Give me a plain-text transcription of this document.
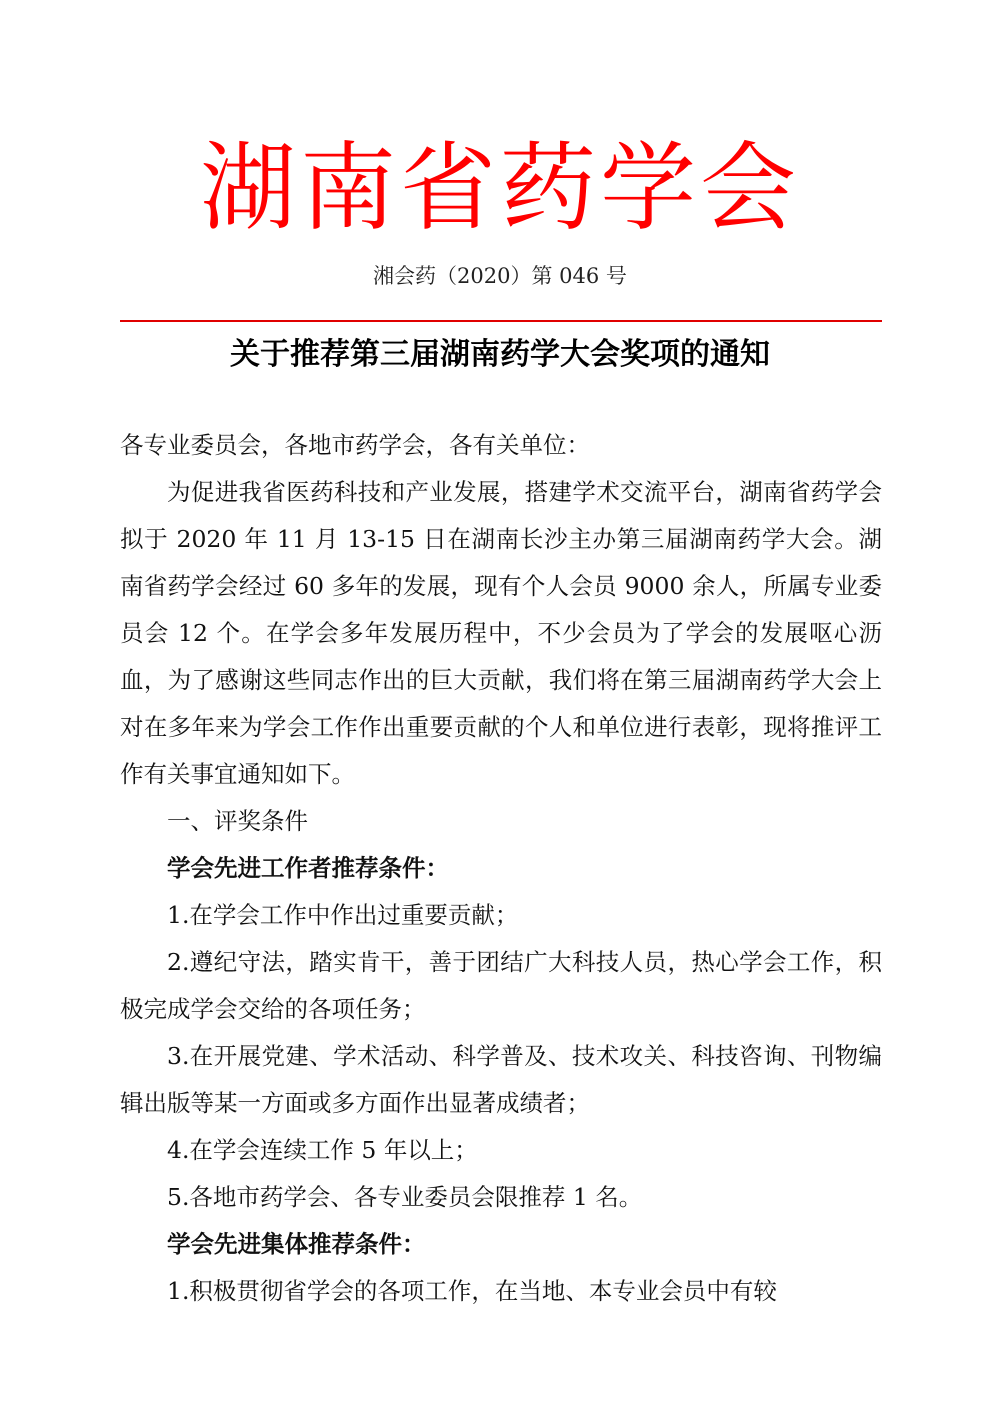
湖南省药学会
湘会药（2020）第 046 号
关于推荐第三届湖南药学大会奖项的通知

各专业委员会，各地市药学会，各有关单位：

为促进我省医药科技和产业发展，搭建学术交流平台，湖南省药学会拟于 2020 年 11 月 13-15 日在湖南长沙主办第三届湖南药学大会。湖南省药学会经过 60 多年的发展，现有个人会员 9000 余人，所属专业委员会 12 个。在学会多年发展历程中，不少会员为了学会的发展呕心沥血，为了感谢这些同志作出的巨大贡献，我们将在第三届湖南药学大会上对在多年来为学会工作作出重要贡献的个人和单位进行表彰，现将推评工作有关事宜通知如下。

一、评奖条件

学会先进工作者推荐条件：

1.在学会工作中作出过重要贡献；

2.遵纪守法，踏实肯干，善于团结广大科技人员，热心学会工作，积极完成学会交给的各项任务；

3.在开展党建、学术活动、科学普及、技术攻关、科技咨询、刊物编辑出版等某一方面或多方面作出显著成绩者；

4.在学会连续工作 5 年以上；

5.各地市药学会、各专业委员会限推荐 1 名。

学会先进集体推荐条件：

1.积极贯彻省学会的各项工作，在当地、本专业会员中有较
